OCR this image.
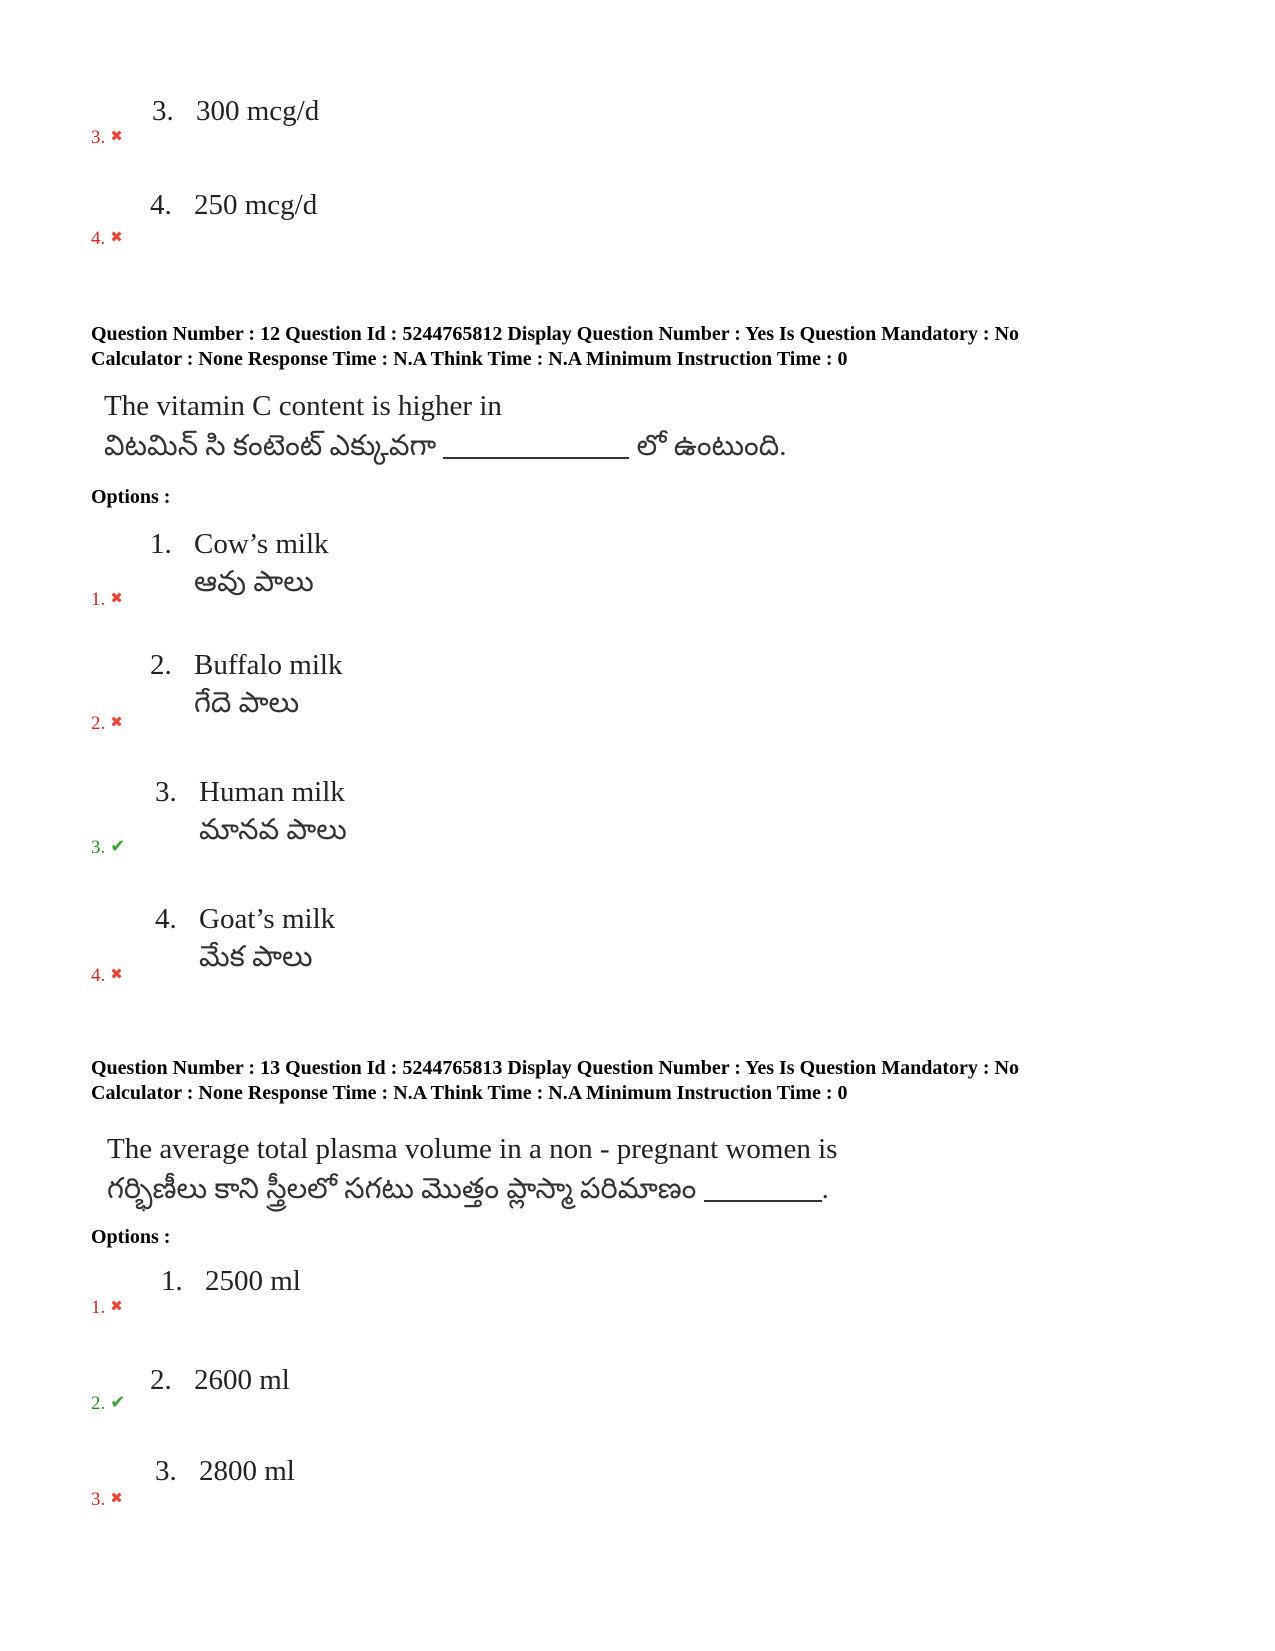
3. 300 mcg/d
3. ✖
4. 250 mcg/d
4. ✖
Question Number : 12 Question Id : 5244765812 Display Question Number : Yes Is Question Mandatory : No
Calculator : None Response Time : N.A Think Time : N.A Minimum Instruction Time : 0
The vitamin C content is higher in
విటమిన్ సి కంటెంట్ ఎక్కువగా	లో ఉంటుంది.
Options :
1. Cow’s milk
ఆవు పాలు
1. ✖
2. Buffalo milk
గేదె పాలు
2. ✖
3. Human milk
మానవ పాలు
3. ✔
4. Goat’s milk
మేక పాలు
4. ✖
Question Number : 13 Question Id : 5244765813 Display Question Number : Yes Is Question Mandatory : No
Calculator : None Response Time : N.A Think Time : N.A Minimum Instruction Time : 0
The average total plasma volume in a non - pregnant women is
గర్భిణీలు కాని స్త్రీలలో సగటు మొత్తం ప్లాస్మా పరిమాణం	.
Options :
1. 2500 ml
1. ✖
2. 2600 ml
2. ✔
3. 2800 ml
3. ✖
